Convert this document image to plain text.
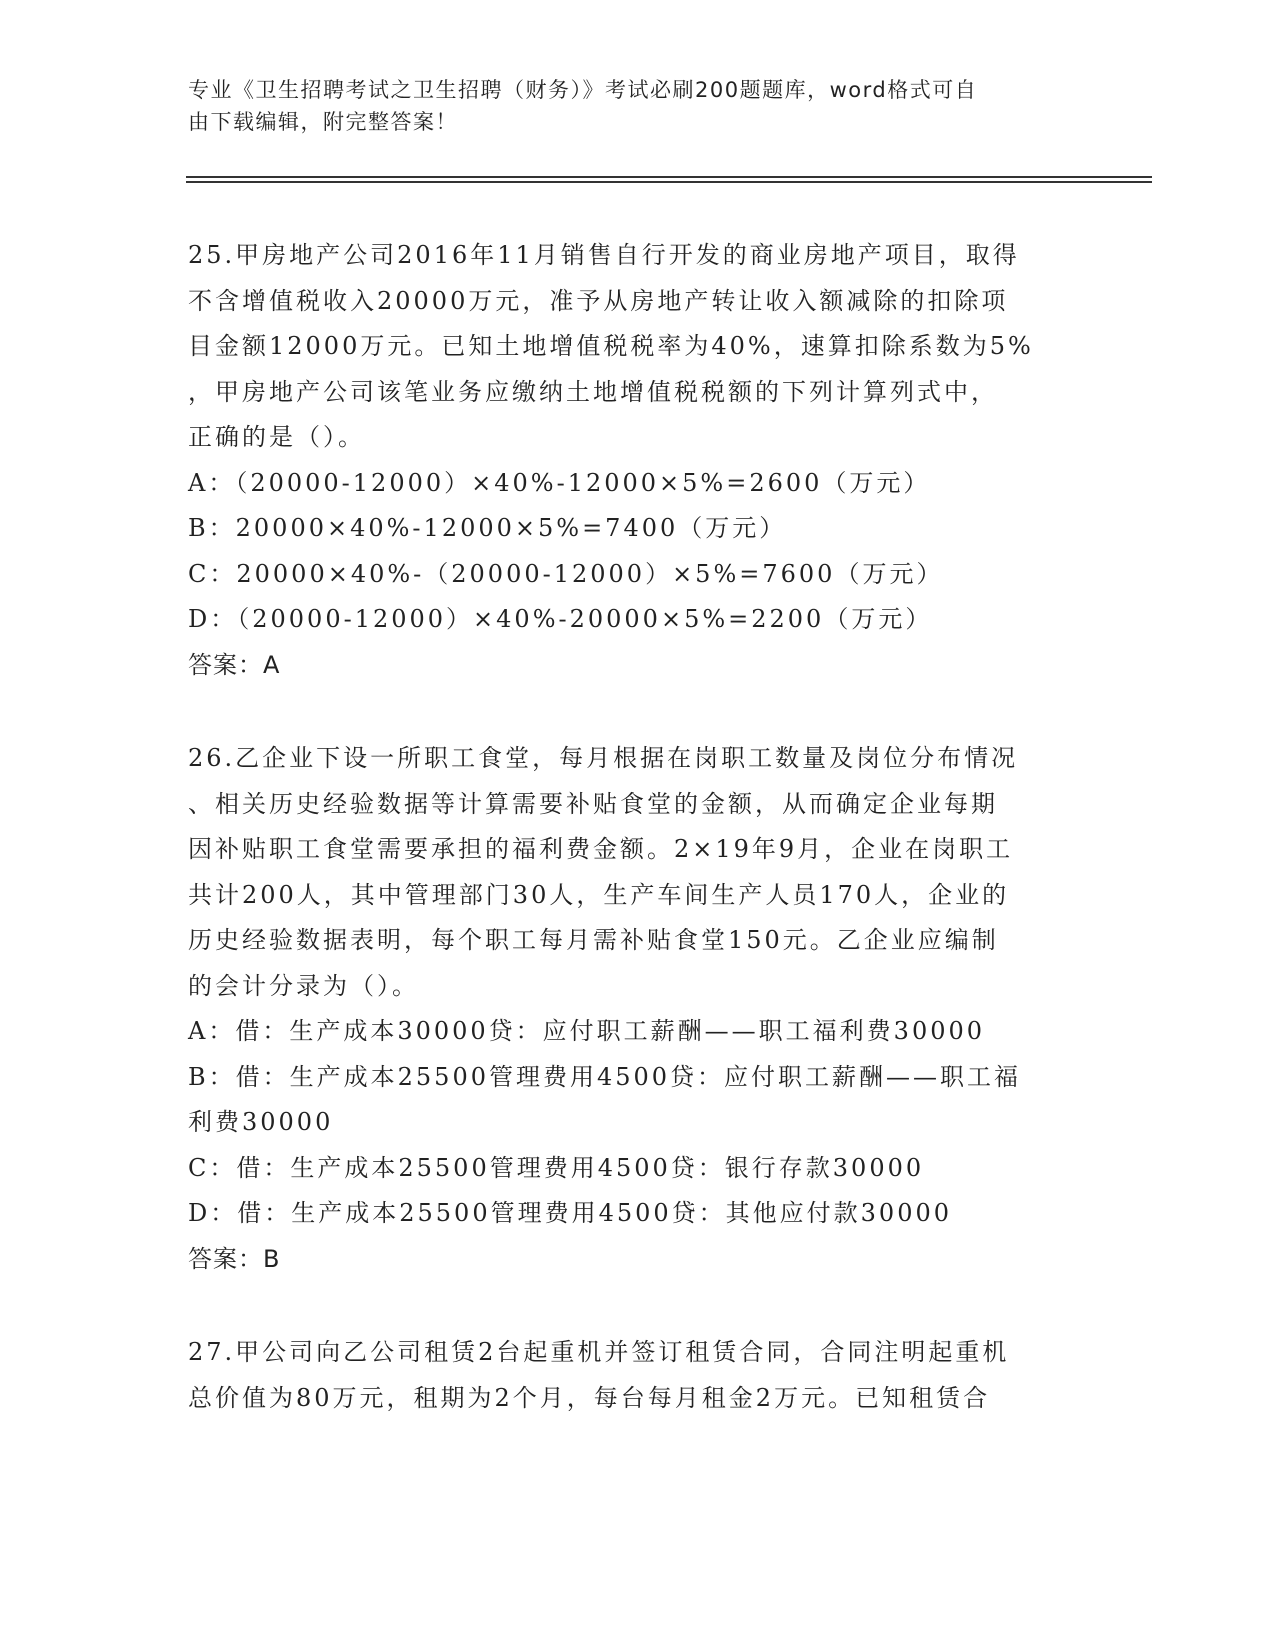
专业《卫生招聘考试之卫生招聘（财务）》考试必刷200题题库，word格式可自
由下载编辑，附完整答案！
25.甲房地产公司2016年11月销售自行开发的商业房地产项目，取得
不含增值税收入20000万元，准予从房地产转让收入额减除的扣除项
目金额12000万元。已知土地增值税税率为40%，速算扣除系数为5%
，甲房地产公司该笔业务应缴纳土地增值税税额的下列计算列式中，
正确的是（）。
A：（20000-12000）×40%-12000×5%=2600（万元）
B：20000×40%-12000×5%=7400（万元）
C：20000×40%-（20000-12000）×5%=7600（万元）
D：（20000-12000）×40%-20000×5%=2200（万元）
答案：A
26.乙企业下设一所职工食堂，每月根据在岗职工数量及岗位分布情况
、相关历史经验数据等计算需要补贴食堂的金额，从而确定企业每期
因补贴职工食堂需要承担的福利费金额。2×19年9月，企业在岗职工
共计200人，其中管理部门30人，生产车间生产人员170人，企业的
历史经验数据表明，每个职工每月需补贴食堂150元。乙企业应编制
的会计分录为（）。
A：借：生产成本30000贷：应付职工薪酬——职工福利费30000
B：借：生产成本25500管理费用4500贷：应付职工薪酬——职工福
利费30000
C：借：生产成本25500管理费用4500贷：银行存款30000
D：借：生产成本25500管理费用4500贷：其他应付款30000
答案：B
27.甲公司向乙公司租赁2台起重机并签订租赁合同，合同注明起重机
总价值为80万元，租期为2个月，每台每月租金2万元。已知租赁合
